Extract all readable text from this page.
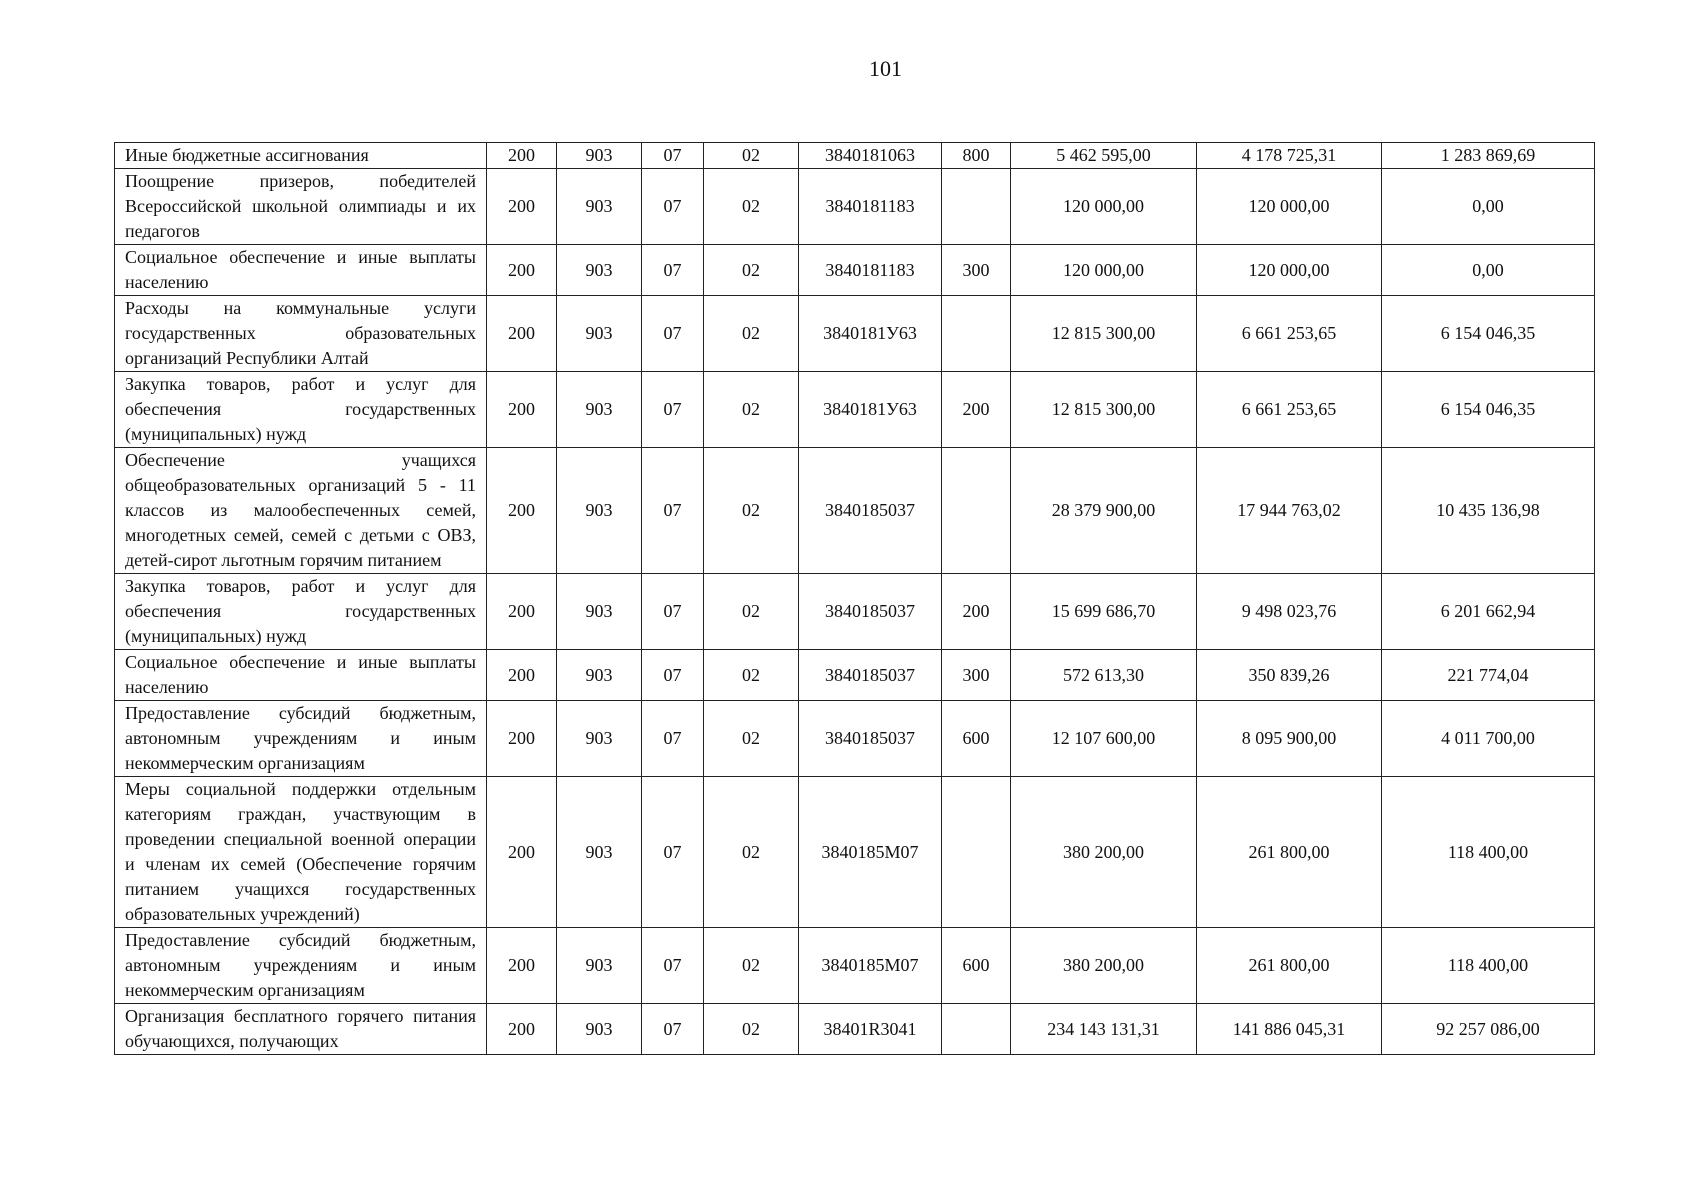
101
Иные бюджетные ассигнования	200	903	07	02	3840181063	800	5 462 595,00	4 178 725,31	1 283 869,69

Поощрение призеров, победителей Всероссийской школьной олимпиады и их педагогов	200	903	07	02	3840181183		120 000,00	120 000,00	0,00

Социальное обеспечение и иные выплаты населению	200	903	07	02	3840181183	300	120 000,00	120 000,00	0,00

Расходы на коммунальные услуги государственных образовательных организаций Республики Алтай	200	903	07	02	3840181У63		12 815 300,00	6 661 253,65	6 154 046,35

Закупка товаров, работ и услуг для обеспечения государственных (муниципальных) нужд	200	903	07	02	3840181У63	200	12 815 300,00	6 661 253,65	6 154 046,35

Обеспечение учащихся общеобразовательных организаций 5 - 11 классов из малообеспеченных семей, многодетных семей, семей с детьми с ОВЗ, детей-сирот льготным горячим питанием	200	903	07	02	3840185037		28 379 900,00	17 944 763,02	10 435 136,98

Закупка товаров, работ и услуг для обеспечения государственных (муниципальных) нужд	200	903	07	02	3840185037	200	15 699 686,70	9 498 023,76	6 201 662,94

Социальное обеспечение и иные выплаты населению	200	903	07	02	3840185037	300	572 613,30	350 839,26	221 774,04

Предоставление субсидий бюджетным, автономным учреждениям и иным некоммерческим организациям	200	903	07	02	3840185037	600	12 107 600,00	8 095 900,00	4 011 700,00

Меры социальной поддержки отдельным категориям граждан, участвующим в проведении специальной военной операции и членам их семей (Обеспечение горячим питанием учащихся государственных образовательных учреждений)	200	903	07	02	3840185М07		380 200,00	261 800,00	118 400,00

Предоставление субсидий бюджетным, автономным учреждениям и иным некоммерческим организациям	200	903	07	02	3840185М07	600	380 200,00	261 800,00	118 400,00

Организация бесплатного горячего питания обучающихся, получающих	200	903	07	02	38401R3041		234 143 131,31	141 886 045,31	92 257 086,00
